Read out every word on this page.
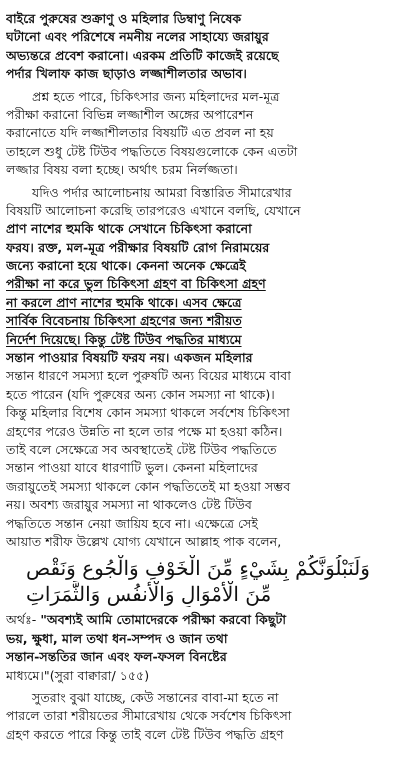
বাইরে পুরুষের শুক্রাণু ও মহিলার ডিম্বাণু নিষেক
ঘটানো এবং পরিশেষে নমনীয় নলের সাহায্যে জরায়ুর
অভ্যন্তরে প্রবেশ করানো। এরকম প্রতিটি কাজেই রয়েছে
পর্দার খিলাফ কাজ ছাড়াও লজ্জাশীলতার অভাব।
প্রশ্ন হতে পারে, চিকিৎসার জন্য মহিলাদের মল-মূত্র
পরীক্ষা করানো বিভিন্ন লজ্জাশীল অঙ্গের অপারেশন
করানোতে যদি লজ্জাশীলতার বিষয়টি এত প্রবল না হয়
তাহলে শুধু টেষ্ট টিউব পদ্ধতিতে বিষয়গুলোকে কেন এতটা
লজ্জার বিষয় বলা হচ্ছে। অর্থাৎ চরম নির্লজ্জতা।
যদিও পর্দার আলোচনায় আমরা বিস্তারিত সীমারেখার
বিষয়টি আলোচনা করেছি তারপরেও এখানে বলছি, যেখানে
প্রাণ নাশের হুমকি থাকে সেখানে চিকিৎসা করানো
ফরয। রক্ত, মল-মূত্র পরীক্ষার বিষয়টি রোগ নিরাময়ের
জন্যে করানো হয়ে থাকে। কেননা অনেক ক্ষেত্রেই
পরীক্ষা না করে ভুল চিকিৎসা গ্রহণ বা চিকিৎসা গ্রহণ
না করলে প্রাণ নাশের হুমকি থাকে। এসব ক্ষেত্রে
সার্বিক বিবেচনায় চিকিৎসা গ্রহণের জন্য শরীয়ত
নির্দেশ দিয়েছে। কিন্তু টেষ্ট টিউব পদ্ধতির মাধ্যমে
সন্তান পাওয়ার বিষয়টি ফরয নয়। একজন মহিলার
সন্তান ধারণে সমস্যা হলে পুরুষটি অন্য বিয়ের মাধ্যমে বাবা
হতে পারেন (যদি পুরুষের অন্য কোন সমস্যা না থাকে)।
কিন্তু মহিলার বিশেষ কোন সমস্যা থাকলে সর্বশেষ চিকিৎসা
গ্রহণের পরেও উন্নতি না হলে তার পক্ষে মা হওয়া কঠিন।
তাই বলে সেক্ষেত্রে সব অবস্থাতেই টেষ্ট টিউব পদ্ধতিতে
সন্তান পাওয়া যাবে ধারণাটি ভুল। কেননা মহিলাদের
জরায়ুতেই সমস্যা থাকলে কোন পদ্ধতিতেই মা হওয়া সম্ভব
নয়। অবশ্য জরায়ুর সমস্যা না থাকলেও টেষ্ট টিউব
পদ্ধতিতে সন্তান নেয়া জায়িয হবে না। এক্ষেত্রে সেই
আয়াত শরীফ উল্লেখ যোগ্য যেখানে আল্লাহ পাক বলেন,
وَلَنَبْلُوَنَّكُمْ بِشَيْءٍ مِّنَ الْخَوْفِ وَالْجُوعِ وَنَقْصٍ
مِّنَ الْأَمْوَالِ وَالْأَنفُسِ وَالثَّمَرَاتِ
অর্থঃ- "অবশ্যই আমি তোমাদেরকে পরীক্ষা করবো কিছুটা
ভয়, ক্ষুধা, মাল তথা ধন-সম্পদ ও জান তথা
সন্তান-সন্ততির জান এবং ফল-ফসল বিনষ্টের
মাধ্যমে।"(সুরা বাক্বারা/ ১৫৫)
সুতরাং বুঝা যাচ্ছে, কেউ সন্তানের বাবা-মা হতে না
পারলে তারা শরীয়তের সীমারেখায় থেকে সর্বশেষ চিকিৎসা
গ্রহণ করতে পারে কিন্তু তাই বলে টেষ্ট টিউব পদ্ধতি গ্রহণ
